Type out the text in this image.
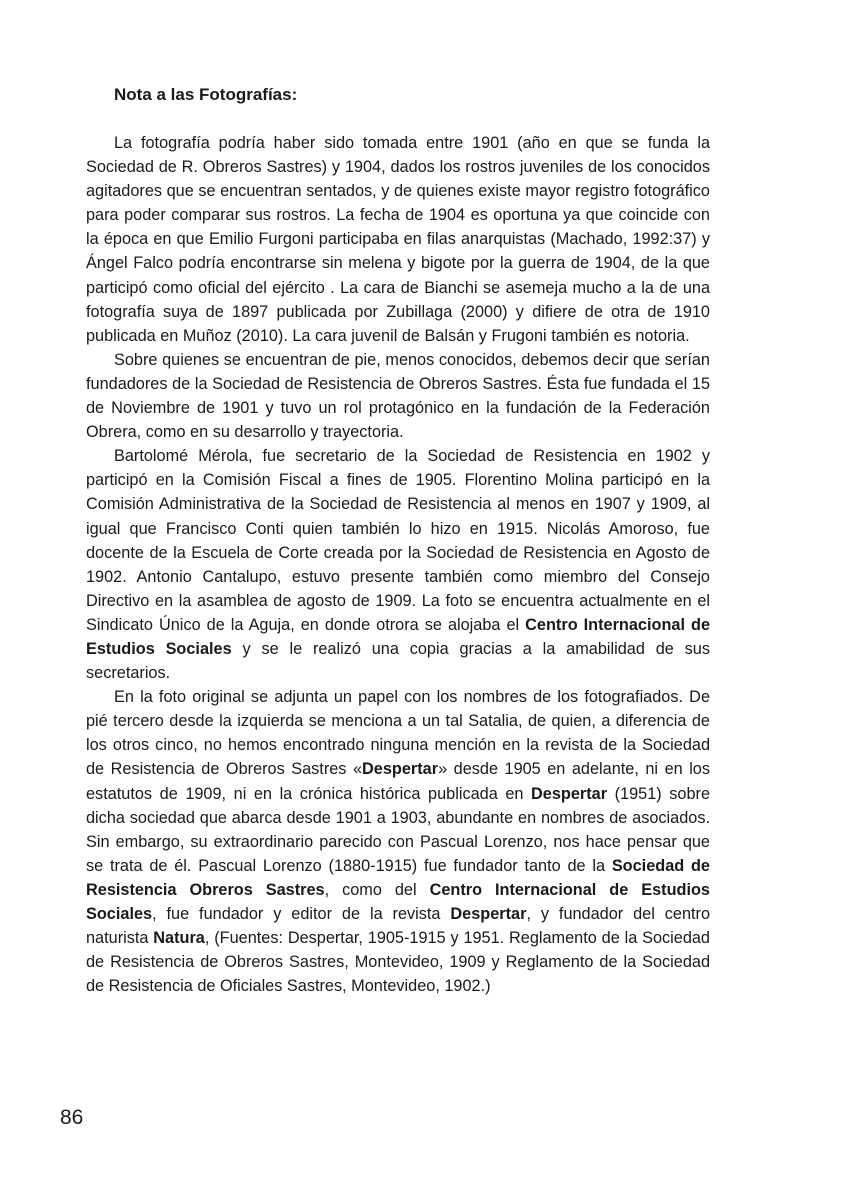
Nota a las Fotografías:

La fotografía podría haber sido tomada entre 1901 (año en que se funda la Sociedad de R. Obreros Sastres) y 1904, dados los rostros juveniles de los conocidos agitadores que se encuentran sentados, y de quienes existe mayor registro fotográfico para poder comparar sus rostros. La fecha de 1904 es oportuna ya que coincide con la época en que Emilio Furgoni participaba en filas anarquistas (Machado, 1992:37) y Ángel Falco podría encontrarse sin melena y bigote por la guerra de 1904, de la que participó como oficial del ejército . La cara de Bianchi se asemeja mucho a la de una fotografía suya de 1897 publicada por Zubillaga (2000) y difiere de otra de 1910 publicada en Muñoz (2010). La cara juvenil de Balsán y Frugoni también es notoria.

Sobre quienes se encuentran de pie, menos conocidos, debemos decir que serían fundadores de la Sociedad de Resistencia de Obreros Sastres. Ésta fue fundada el 15 de Noviembre de 1901 y tuvo un rol protagónico en la fundación de la Federación Obrera, como en su desarrollo y trayectoria.

Bartolomé Mérola, fue secretario de la Sociedad de Resistencia en 1902 y participó en la Comisión Fiscal a fines de 1905. Florentino Molina participó en la Comisión Administrativa de la Sociedad de Resistencia al menos en 1907 y 1909, al igual que Francisco Conti quien también lo hizo en 1915. Nicolás Amoroso, fue docente de la Escuela de Corte creada por la Sociedad de Resistencia en Agosto de 1902. Antonio Cantalupo, estuvo presente también como miembro del Consejo Directivo en la asamblea de agosto de 1909. La foto se encuentra actualmente en el Sindicato Único de la Aguja, en donde otrora se alojaba el Centro Internacional de Estudios Sociales y se le realizó una copia gracias a la amabilidad de sus secretarios.

En la foto original se adjunta un papel con los nombres de los fotografiados. De pié tercero desde la izquierda se menciona a un tal Satalia, de quien, a diferencia de los otros cinco, no hemos encontrado ninguna mención en la revista de la Sociedad de Resistencia de Obreros Sastres «Despertar» desde 1905 en adelante, ni en los estatutos de 1909, ni en la crónica histórica publicada en Despertar (1951) sobre dicha sociedad que abarca desde 1901 a 1903, abundante en nombres de asociados. Sin embargo, su extraordinario parecido con Pascual Lorenzo, nos hace pensar que se trata de él. Pascual Lorenzo (1880-1915) fue fundador tanto de la Sociedad de Resistencia Obreros Sastres, como del Centro Internacional de Estudios Sociales, fue fundador y editor de la revista Despertar, y fundador del centro naturista Natura, (Fuentes: Despertar, 1905-1915 y 1951. Reglamento de la Sociedad de Resistencia de Obreros Sastres, Montevideo, 1909 y Reglamento de la Sociedad de Resistencia de Oficiales Sastres, Montevideo, 1902.)

86
